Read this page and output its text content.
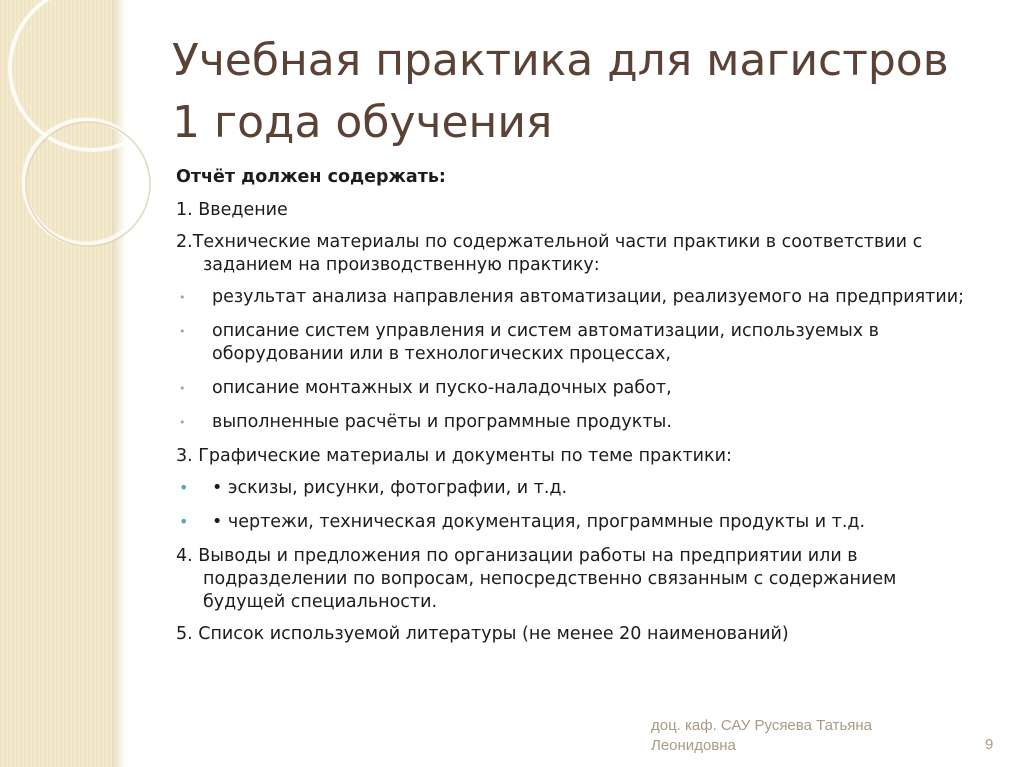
Учебная практика для магистров
1 года обучения
Отчёт должен содержать:
1. Введение
2.Технические материалы по содержательной части практики в соответствии с заданием на производственную практику:
• результат анализа направления автоматизации, реализуемого на предприятии;
• описание систем управления и систем автоматизации, используемых в оборудовании или в технологических процессах,
• описание монтажных и пуско-наладочных работ,
• выполненные расчёты и программные продукты.
3. Графические материалы и документы по теме практики:
• • эскизы, рисунки, фотографии, и т.д.
• • чертежи, техническая документация, программные продукты и т.д.
4. Выводы и предложения по организации работы на предприятии или в подразделении по вопросам, непосредственно связанным с содержанием будущей специальности.
5. Список используемой литературы (не менее 20 наименований)
доц. каф. САУ Русяева Татьяна Леонидовна	9
